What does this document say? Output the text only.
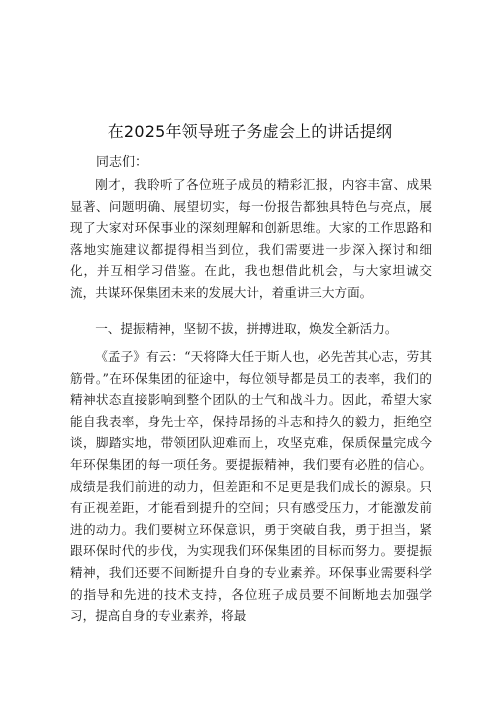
在2025年领导班子务虚会上的讲话提纲
同志们：

刚才，我聆听了各位班子成员的精彩汇报，内容丰富、成果显著、问题明确、展望切实，每一份报告都独具特色与亮点，展现了大家对环保事业的深刻理解和创新思维。大家的工作思路和落地实施建议都提得相当到位，我们需要进一步深入探讨和细化，并互相学习借鉴。在此，我也想借此机会，与大家坦诚交流，共谋环保集团未来的发展大计，着重讲三大方面。

一、提振精神，坚韧不拔，拼搏进取，焕发全新活力。

《孟子》有云：“天将降大任于斯人也，必先苦其心志，劳其筋骨。”在环保集团的征途中，每位领导都是员工的表率，我们的精神状态直接影响到整个团队的士气和战斗力。因此，希望大家能自我表率，身先士卒，保持昂扬的斗志和持久的毅力，拒绝空谈，脚踏实地，带领团队迎难而上，攻坚克难，保质保量完成今年环保集团的每一项任务。要提振精神，我们要有必胜的信心。成绩是我们前进的动力，但差距和不足更是我们成长的源泉。只有正视差距，才能看到提升的空间；只有感受压力，才能激发前进的动力。我们要树立环保意识，勇于突破自我，勇于担当，紧跟环保时代的步伐，为实现我们环保集团的目标而努力。要提振精神，我们还要不间断提升自身的专业素养。环保事业需要科学的指导和先进的技术支持，各位班子成员要不间断地去加强学习，提高自身的专业素养，将最
